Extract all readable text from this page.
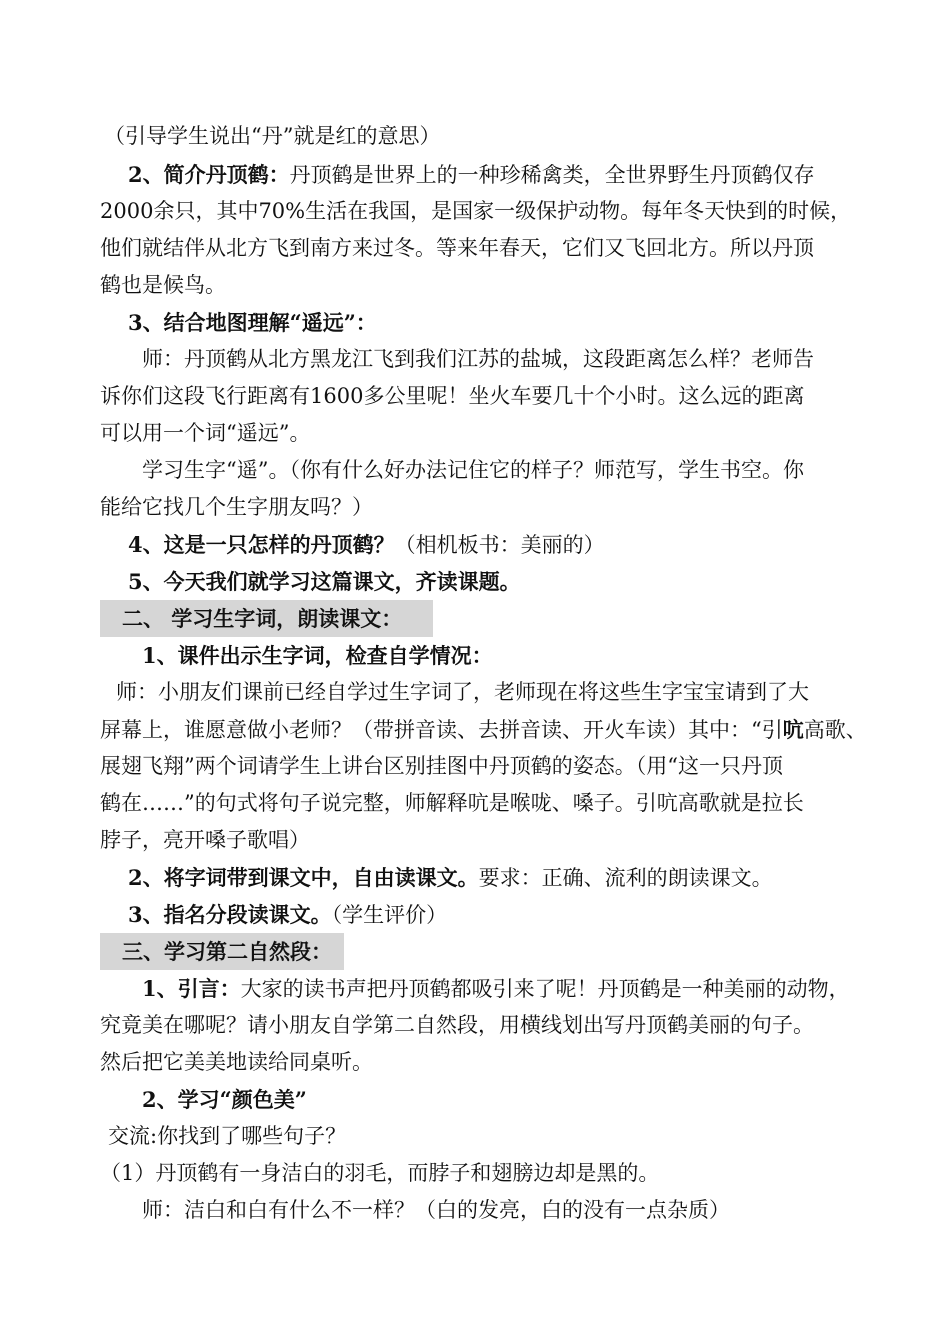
（引导学生说出“丹”就是红的意思）
2、简介丹顶鹤：丹顶鹤是世界上的一种珍稀禽类，全世界野生丹顶鹤仅存
2000余只，其中70%生活在我国，是国家一级保护动物。每年冬天快到的时候，
他们就结伴从北方飞到南方来过冬。等来年春天，它们又飞回北方。所以丹顶
鹤也是候鸟。
3、结合地图理解“遥远”：
师：丹顶鹤从北方黑龙江飞到我们江苏的盐城，这段距离怎么样？老师告
诉你们这段飞行距离有1600多公里呢！坐火车要几十个小时。这么远的距离
可以用一个词“遥远”。
学习生字“遥”。（你有什么好办法记住它的样子？师范写，学生书空。你
能给它找几个生字朋友吗？）
4、这是一只怎样的丹顶鹤？（相机板书：美丽的）
5、今天我们就学习这篇课文，齐读课题。
二、 学习生字词，朗读课文：
1、课件出示生字词，检查自学情况：
师：小朋友们课前已经自学过生字词了，老师现在将这些生字宝宝请到了大
屏幕上，谁愿意做小老师？（带拼音读、去拼音读、开火车读）其中：“引吭高歌、
展翅飞翔”两个词请学生上讲台区别挂图中丹顶鹤的姿态。（用“这一只丹顶
鹤在……”的句式将句子说完整，师解释吭是喉咙、嗓子。引吭高歌就是拉长
脖子，亮开嗓子歌唱）
2、将字词带到课文中，自由读课文。要求：正确、流利的朗读课文。
3、指名分段读课文。（学生评价）
三、学习第二自然段：
1、引言：大家的读书声把丹顶鹤都吸引来了呢！丹顶鹤是一种美丽的动物，
究竟美在哪呢？请小朋友自学第二自然段，用横线划出写丹顶鹤美丽的句子。
然后把它美美地读给同桌听。
2、学习“颜色美”
交流:你找到了哪些句子？
（1）丹顶鹤有一身洁白的羽毛，而脖子和翅膀边却是黑的。
师：洁白和白有什么不一样？（白的发亮，白的没有一点杂质）
